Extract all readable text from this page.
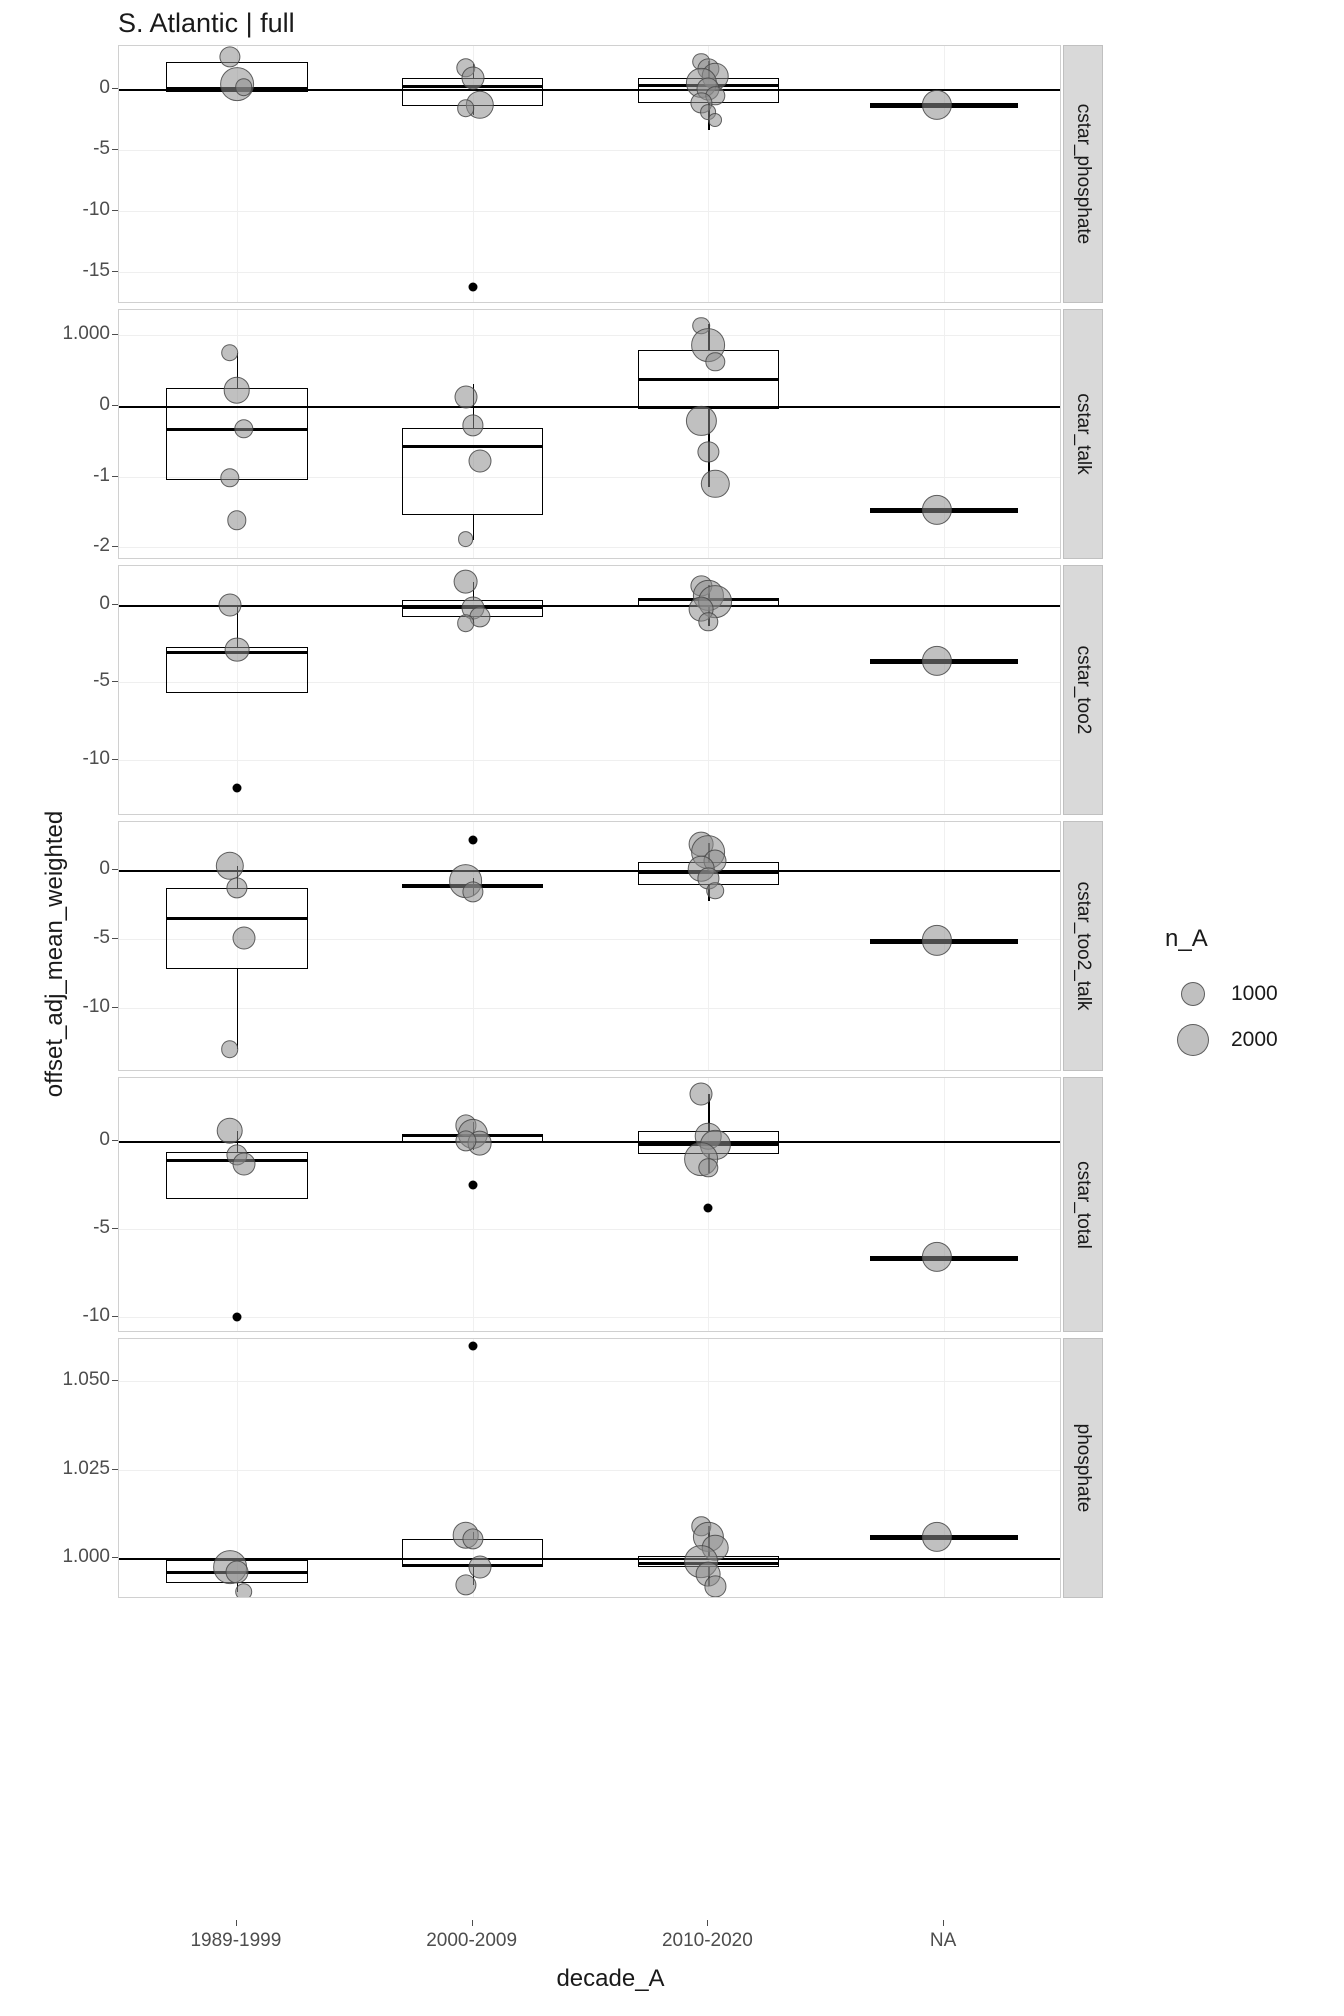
S. Atlantic | full
offset_adj_mean_weighted
decade_A
0
-5
-10
-15
cstar_phosphate
1.000
0
-1
-2
cstar_talk
0
-5
-10
cstar_too2
0
-5
-10	cstar_too2_talk
0
-5
-10
cstar_total
1.050
1.025
1.000
phosphate
1989-1999	2000-2009	2010-2020	NA
n_A
1000
2000
